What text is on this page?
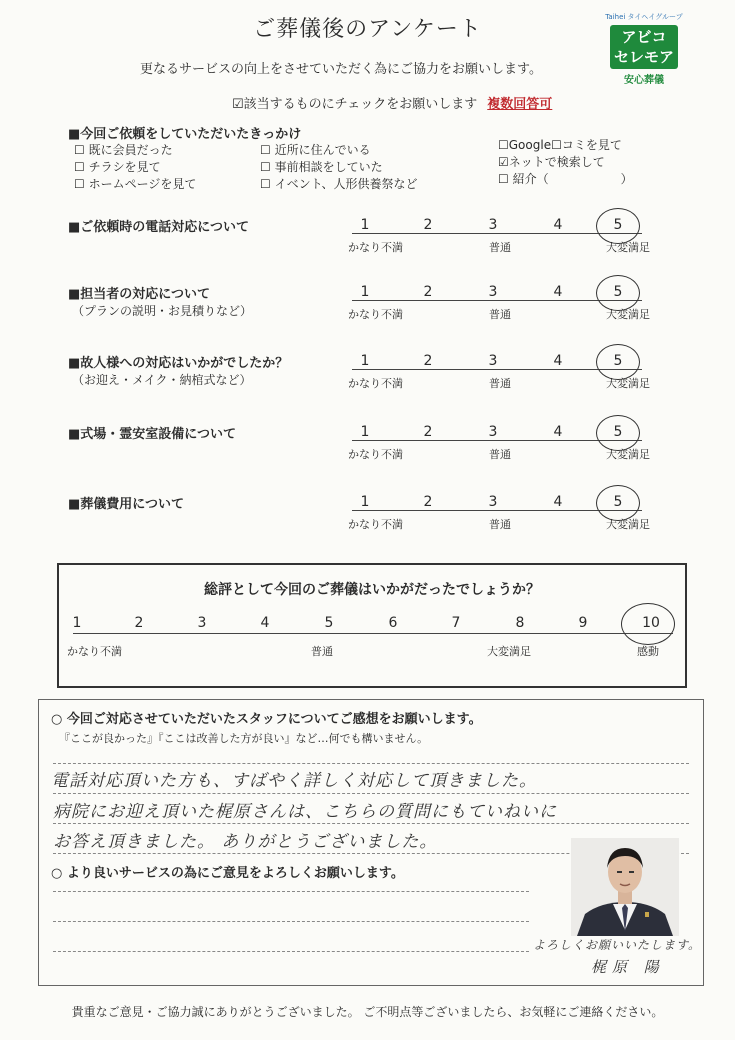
ご葬儀後のアンケート
更なるサービスの向上をさせていただく為にご協力をお願いします。
Taihei タイヘイグループ
アビコ
セレモア
安心葬儀
☑該当するものにチェックをお願いします 複数回答可
■今回ご依頼をしていただいたきっかけ
☐ 既に会員だった
☐ チラシを見て
☐ ホームページを見て
☐ 近所に住んでいる
☐ 事前相談をしていた
☐ イベント、人形供養祭など
☐Google☐コミを見て
☑ネットで検索して
☐ 紹介（　　　　　　）
■ご依頼時の電話対応について	1	2	3	4	5
かなり不満	普通	大変満足
■担当者の対応について
（プランの説明・お見積りなど）
1	2	3	4	5
かなり不満	普通	大変満足
■故人様への対応はいかがでしたか？
（お迎え・メイク・納棺式など）
1	2	3	4	5
かなり不満	普通	大変満足
■式場・霊安室設備について	1	2	3	4	5
かなり不満	普通	大変満足
■葬儀費用について	1	2	3	4	5
かなり不満	普通	大変満足
総評として今回のご葬儀はいかがだったでしょうか？
1	2	3	4	5	6	7	8	9	10
かなり不満	普通	大変満足	感動
○ 今回ご対応させていただいたスタッフについてご感想をお願いします。
『ここが良かった』『ここは改善した方が良い』など…何でも構いません。
電話対応頂いた方も、すばやく詳しく対応して頂きました。
病院にお迎え頂いた梶原さんは、こちらの質問にもていねいに
お答え頂きました。 ありがとうございました。
○ より良いサービスの為にご意見をよろしくお願いします。
よろしくお願いいたします。
梶原 陽
貴重なご意見・ご協力誠にありがとうございました。 ご不明点等ございましたら、お気軽にご連絡ください。
